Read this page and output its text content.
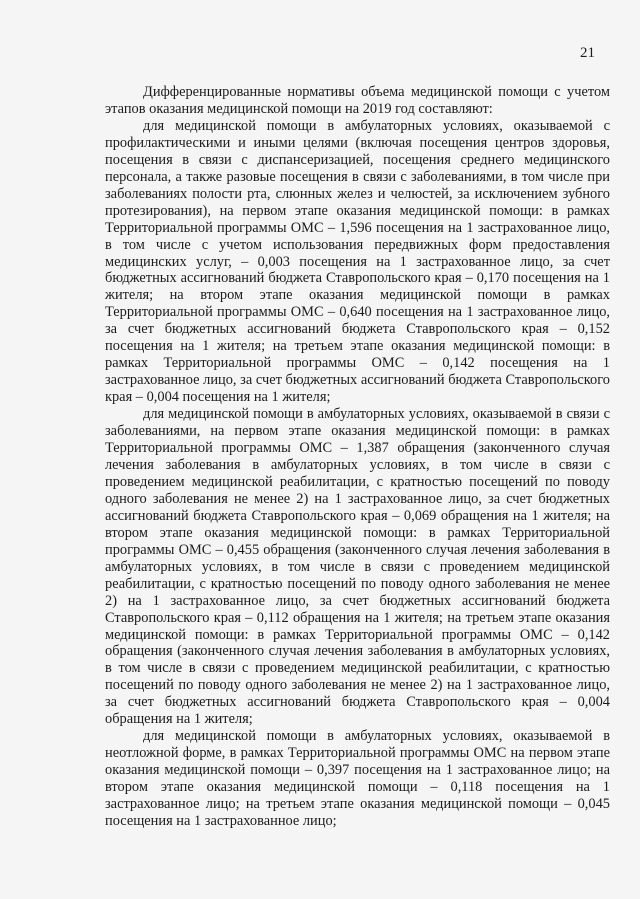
21

Дифференцированные нормативы объема медицинской помощи с учетом этапов оказания медицинской помощи на 2019 год составляют:

для медицинской помощи в амбулаторных условиях, оказываемой с профилактическими и иными целями (включая посещения центров здоровья, посещения в связи с диспансеризацией, посещения среднего медицинского персонала, а также разовые посещения в связи с заболеваниями, в том числе при заболеваниях полости рта, слюнных желез и челюстей, за исключением зубного протезирования), на первом этапе оказания медицинской помощи: в рамках Территориальной программы ОМС – 1,596 посещения на 1 застрахованное лицо, в том числе с учетом использования передвижных форм предоставления медицинских услуг, – 0,003 посещения на 1 застрахованное лицо, за счет бюджетных ассигнований бюджета Ставропольского края – 0,170 посещения на 1 жителя; на втором этапе оказания медицинской помощи в рамках Территориальной программы ОМС – 0,640 посещения на 1 застрахованное лицо, за счет бюджетных ассигнований бюджета Ставропольского края – 0,152 посещения на 1 жителя; на третьем этапе оказания медицинской помощи: в рамках Территориальной программы ОМС – 0,142 посещения на 1 застрахованное лицо, за счет бюджетных ассигнований бюджета Ставропольского края – 0,004 посещения на 1 жителя;

для медицинской помощи в амбулаторных условиях, оказываемой в связи с заболеваниями, на первом этапе оказания медицинской помощи: в рамках Территориальной программы ОМС – 1,387 обращения (законченного случая лечения заболевания в амбулаторных условиях, в том числе в связи с проведением медицинской реабилитации, с кратностью посещений по поводу одного заболевания не менее 2) на 1 застрахованное лицо, за счет бюджетных ассигнований бюджета Ставропольского края – 0,069 обращения на 1 жителя; на втором этапе оказания медицинской помощи: в рамках Территориальной программы ОМС – 0,455 обращения (законченного случая лечения заболевания в амбулаторных условиях, в том числе в связи с проведением медицинской реабилитации, с кратностью посещений по поводу одного заболевания не менее 2) на 1 застрахованное лицо, за счет бюджетных ассигнований бюджета Ставропольского края – 0,112 обращения на 1 жителя; на третьем этапе оказания медицинской помощи: в рамках Территориальной программы ОМС – 0,142 обращения (законченного случая лечения заболевания в амбулаторных условиях, в том числе в связи с проведением медицинской реабилитации, с кратностью посещений по поводу одного заболевания не менее 2) на 1 застрахованное лицо, за счет бюджетных ассигнований бюджета Ставропольского края – 0,004 обращения на 1 жителя;

для медицинской помощи в амбулаторных условиях, оказываемой в неотложной форме, в рамках Территориальной программы ОМС на первом этапе оказания медицинской помощи – 0,397 посещения на 1 застрахованное лицо; на втором этапе оказания медицинской помощи – 0,118 посещения на 1 застрахованное лицо; на третьем этапе оказания медицинской помощи – 0,045 посещения на 1 застрахованное лицо;
